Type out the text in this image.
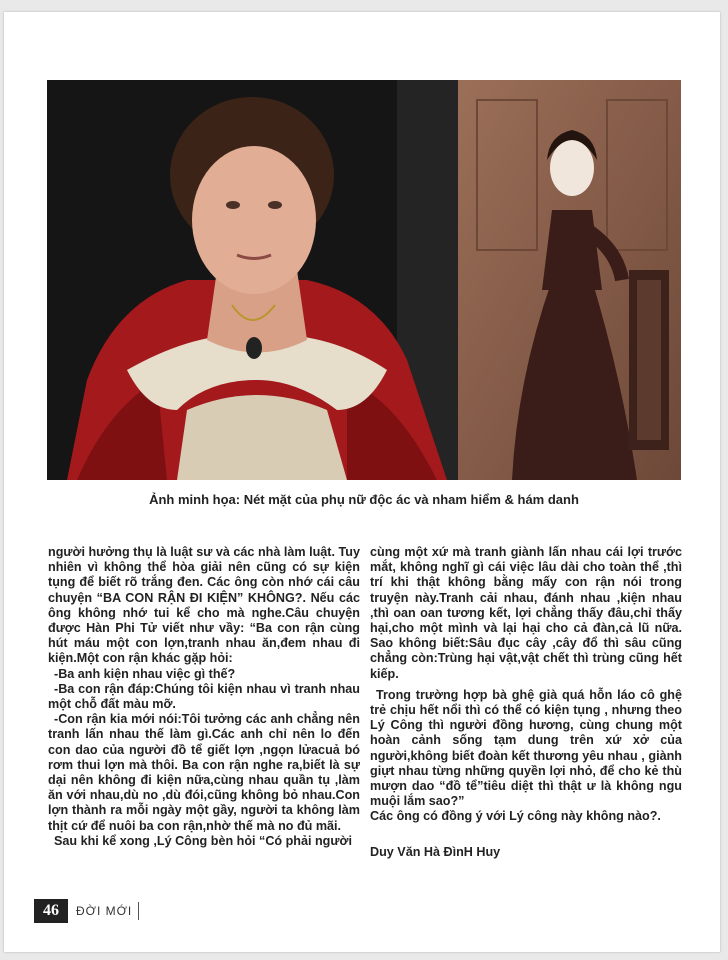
Ảnh minh họa: Nét mặt của phụ nữ độc ác và nham hiểm & hám danh

người hưởng thụ là luật sư và các nhà làm luật. Tuy nhiên vì không thể hòa giải nên cũng có sự kiện tụng để biết rõ trắng đen. Các ông còn nhớ cái câu chuyện “BA CON RẬN ĐI KIỆN” KHÔNG?. Nếu các ông không nhớ tui kể cho mà nghe.Câu chuyện được Hàn Phi Tử viết như vầy: “Ba con rận cùng hút máu một con lợn,tranh nhau ăn,đem nhau đi kiện.Một con rận khác gặp hỏi:

-Ba anh kiện nhau việc gì thế?

-Ba con rận đáp:Chúng tôi kiện nhau vì tranh nhau một chỗ đất màu mỡ.

-Con rận kia mới nói:Tôi tưởng các anh chẳng nên tranh lấn nhau thế làm gì.Các anh chỉ nên lo đến con dao của người đồ tể giết lợn ,ngọn lửacuả bó rơm thui lợn mà thôi. Ba con rận nghe ra,biết là sự dại nên không đi kiện nữa,cùng nhau quần tụ ,làm ăn với nhau,dù no ,dù đói,cũng không bỏ nhau.Con lợn thành ra mỗi ngày một gầy, người ta không làm thịt cứ để nuôi ba con rận,nhờ thế mà no đủ mãi.

Sau khi kể xong ,Lý Công bèn hỏi “Có phải người

cùng một xứ mà tranh giành lấn nhau cái lợi trước mắt, không nghĩ gì cái việc lâu dài cho toàn thể ,thì trí khi thật không bằng mấy con rận nói trong truyện này.Tranh cải nhau, đánh nhau ,kiện nhau ,thì oan oan tương kết, lợi chẳng thấy đâu,chỉ thấy hại,cho một mình và lại hại cho cả đàn,cả lũ nữa. Sao không biết:Sâu đục cây ,cây đổ thì sâu cũng chẳng còn:Trùng hại vật,vật chết thì trùng cũng hết kiếp.

Trong trường hợp bà ghệ già quá hỗn láo cô ghệ trẻ chịu hết nổi thì có thể có kiện tụng , nhưng theo Lý Công thì người đồng hương, cùng chung một hoàn cảnh sống tạm dung trên xứ xở của người,không biết đoàn kết thương yêu nhau , giành giựt nhau từng những quyền lợi nhỏ, để cho kẻ thù mượn dao “đồ tể”tiêu diệt thì thật ư là không ngu muội lắm sao?”

Các ông có đồng ý với Lý công này không nào?.

Duy Văn Hà ĐìnH Huy

46	ĐỜI MỚI
